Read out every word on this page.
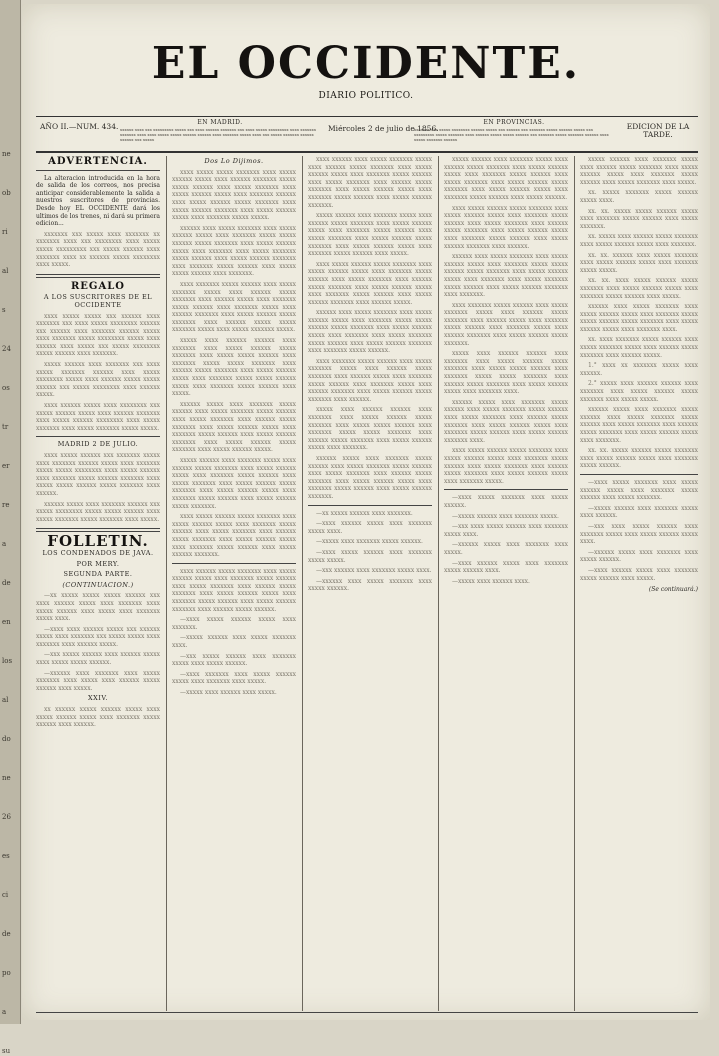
ne
ob
ri
al
s
24
os
tr
er
re
a
de
en
los
al
do
ne
26
es
ci
de
po
a
su
EL OCCIDENTE.
DIARIO POLITICO.
AÑO II.—NUM. 434.	EN MADRID.
xxxxxx xxxx xxx xxxxxxxxx xxxxx xxx xxxx xxxxxx xxxxxxx xxx xxxx xxxxx xxxxxxxxx xxxx xxxxxxx xxxxxxx xxxx xxxx xxxxx xxxxx xxxxxx xxxxxx xxxx xxxxxxx xxxxx xxxx xxx xxxxx xxxxxxx xxxxxx xxxxxx xxx xxxxx
Miércoles 2 de julio de 1856.
EN PROVINCIAS.
xxxxxxx xxx xxxxx xxxxxxxx xxxxxx xxxxx xxx xxxxxx xxx xxxxxxx xxxxx xxxxxx xxxxx xxx xxxxxxxxx xxxxx xxxxxxx xxxx xxxxxx xxxxx xxxxx xxxxxx xxx xxxxxxx xxxxx xxxxxxx xxxxxx xxxx xxxxx xxxxxxx xxxxxx
EDICION DE LA TARDE.
ADVERTENCIA.

La alteracion introducida en la hora de salida de los correos, nos precisa anticipar considerablemente la salida a nuestros suscritores de provincias. Desde hoy EL OCCIDENTE dará los ultimos de los trenes, ni dará su primera edicion...

xxxxxxx xxx xxxxx xxxx xxxxxxx xx xxxxxxx xxxx xxx xxxxxxxx xxxx xxxxx xxxxx xxxxxxxxx xxx xxxxx xxxxxx xxxx xxxxxxx xxxx xx xxxxxx xxxxx xxxxxxxx xxxx xxxxx.

REGALO
A LOS SUSCRITORES DE EL OCCIDENTE

xxxx xxxxx xxxxx xxx xxxxxx xxxx xxxxxxx xxx xxxx xxxxx xxxxxxxx xxxxxx xxx xxxxxx xxxx xxxxxxx xxxxxx xxxxx xxxx xxxxxxx xxxxx xxxxxxxx xxxxx xxxx xxxxxx xxxx xxxxx xxx xxxxx xxxxxxxx xxxxx xxxxxx xxxx xxxxxxx.

xxxxx xxxxxx xxxx xxxxxxx xxx xxxx xxxxx xxxxxxx xxxxxx xxxx xxxxx xxxxxxxx xxxxx xxxx xxxxxx xxxxx xxxxx xxxxxx xxx xxxxx xxxxxxxx xxxx xxxxxx xxxxx.

xxxx xxxxxx xxxxx xxxx xxxxxxxx xxx xxxxx xxxxxx xxxxx xxxx xxxxxx xxxxxxx xxxx xxxxx xxxxxx xxxxxxxx xxxx xxxxx xxxxxxx xxxx xxxxx xxxxxxx xxxxx xxxxx.

MADRID 2 DE JULIO.

xxxx xxxxx xxxxxx xxx xxxxxxx xxxxx xxxx xxxxxxx xxxxxx xxxxx xxxx xxxxxxx xxxxx xxxxx xxxxxxxx xxxx xxxxx xxxxxx xxxx xxxxxxx xxxxx xxxxxx xxxxxxx xxxx xxxxx xxxxx xxxxxx xxxxx xxxxxxx xxxx xxxxxx.

xxxxxx xxxxx xxxx xxxxxxx xxxxxx xxx xxxxx xxxxxxxx xxxxx xxxxx xxxxxx xxxx xxxxx xxxxxxx xxxxx xxxxxxx xxxx xxxxx.

FOLLETIN.
LOS CONDENADOS DE JAVA.
POR MERY.
SEGUNDA PARTE.
(CONTINUACION.)

—xx xxxxx xxxxx xxxxx xxxxxx xxx xxxx xxxxxx xxxxx xxxx xxxxxxx xxxx xxxxx xxxxxx xxxx xxxxx xxxx xxxxxxx xxxxx xxxx.

—xxxx xxxx xxxxxx xxxxx xxx xxxxxx xxxxx xxxx xxxxxxx xxx xxxxx xxxxx xxxx xxxxxxx xxxx xxxxxx xxxxx.

—xxx xxxxx xxxxxx xxxx xxxxxx xxxxx xxxx xxxxx xxxxx xxxxxx.

—xxxxxx xxxx xxxxxxx xxxx xxxxx xxxxxxx xxxx xxxxx xxxx xxxxxx xxxxx xxxxxx xxxx xxxxx.

XXIV.

xx xxxxxx xxxxx xxxxxx xxxxx xxxx xxxxx xxxxxx xxxxx xxxx xxxxxxx xxxxx xxxxxx xxxx xxxxxx.

Dos Lo Dijimos.

xxxx xxxxx xxxxx xxxxxxx xxxx xxxxx xxxxxx xxxxx xxxx xxxxxx xxxxxxx xxxxx xxxxx xxxxxx xxxx xxxxx xxxxxxx xxxx xxxxx xxxxxx xxxxx xxxx xxxxxxx xxxxxx xxxx xxxxx xxxxxx xxxxx xxxxxxx xxxx xxxxx xxxxxx xxxxxxx xxxx xxxxx xxxxxx xxxxx xxxx xxxxxxx xxxxx xxxxx.

xxxxxx xxxx xxxxx xxxxxxx xxxx xxxxx xxxxxx xxxxx xxxx xxxxxxx xxxxx xxxxx xxxxxx xxxxx xxxxxxx xxxx xxxxx xxxxxx xxxxx xxxx xxxxxxx xxxx xxxxx xxxxxxx xxxxx xxxxxx xxxx xxxxx xxxxxx xxxxxxx xxxx xxxxxxx xxxxx xxxxxx xxxx xxxxx xxxxx xxxxxx xxxx xxxxxxx.

xxxx xxxxxxx xxxxx xxxxxx xxxx xxxxx xxxxxxx xxxxx xxxx xxxxxx xxxxx xxxxxxx xxxx xxxxxx xxxxx xxxx xxxxxxx xxxxx xxxxxx xxxx xxxxxxx xxxxx xxxx xxxxxx xxxxxxx xxxx xxxxx xxxxxx xxxxx xxxxxxx xxxx xxxxxx xxxxx xxxxx xxxxxxx xxxxx xxxx xxxxx xxxxxxx xxxxx.

xxxxx xxxx xxxxxx xxxxxx xxxx xxxxxxx xxxx xxxxx xxxxxx xxxxx xxxxxxx xxxx xxxxx xxxxx xxxxxx xxxx xxxxxxx xxxxx xxxxx xxxxxxx xxxx xxxxxx xxxxx xxxxxxx xxxx xxxxx xxxxxx xxxxx xxxx xxxxxxx xxxxx xxxxx xxxxxx xxxxx xxxx xxxxxxx xxxxx xxxxxx xxxx xxxxx.

xxxxxx xxxxx xxxx xxxxxxx xxxxx xxxxxx xxxx xxxxx xxxxxxx xxxxx xxxxxx xxxx xxxxx xxxxxxx xxxx xxxxxx xxxxx xxxxxxx xxxx xxxxx xxxxxx xxxxx xxxx xxxxxxx xxxxx xxxxxx xxxx xxxxx xxxxxx xxxxxxx xxxx xxxxx xxxxxx xxxxx xxxxxxx xxxx xxxxx xxxxxx xxxxx.

xxxxx xxxxxx xxxx xxxxxxx xxxxx xxxx xxxxxx xxxxx xxxxxxx xxxx xxxxx xxxxxx xxxxx xxxx xxxxxxx xxxxx xxxxxx xxxx xxxxx xxxxxxx xxxx xxxxx xxxxxx xxxxx xxxxxxx xxxx xxxxx xxxxxx xxxxx xxxx xxxxxxx xxxxx xxxxxx xxxx xxxxx xxxxxx xxxxx xxxxxxx.

xxxx xxxxx xxxxxx xxxxx xxxxxxx xxxx xxxxx xxxxxx xxxxx xxxx xxxxxxx xxxxx xxxxxx xxxx xxxxx xxxxxxx xxxx xxxxxx xxxxx xxxxxxx xxxx xxxxx xxxxxx xxxxx xxxx xxxxxxx xxxxx xxxxxx xxxx xxxxx xxxxxx xxxxxxx.

xxxx xxxxxx xxxxx xxxxxxx xxxx xxxxx xxxxxx xxxxx xxxx xxxxxxx xxxxx xxxxxx xxxx xxxxx xxxxxxx xxxx xxxxxx xxxxx xxxxxxx xxxx xxxxx xxxxxx xxxxx xxxx xxxxxxx xxxxx xxxxxx xxxx xxxxx xxxxxx xxxxxxx xxxx xxxxxx xxxxx xxxxxx.

—xxxx xxxxx xxxxxx xxxxx xxxx xxxxxxx.

—xxxxx xxxxxx xxxx xxxxx xxxxxxx xxxx.

—xxx xxxxx xxxxxx xxxx xxxxxxx xxxxx xxxx xxxxx xxxxxx.

—xxxx xxxxxxx xxxx xxxxx xxxxxx xxxxx xxxx xxxxxxx xxxx xxxxx.

—xxxxx xxxx xxxxxx xxxx xxxxx.

xxxx xxxxxx xxxx xxxxx xxxxxxx xxxxx xxxx xxxxxx xxxxx xxxxxxx xxxx xxxxx xxxxxx xxxxx xxxx xxxxxxx xxxxx xxxxxx xxxx xxxxx xxxxxxx xxxx xxxxxx xxxxx xxxxxxx xxxx xxxxx xxxxxx xxxxx xxxx xxxxxxx xxxxx xxxxxx xxxx xxxxx xxxxxx xxxxxxx.

xxxxx xxxxxx xxxx xxxxxxx xxxxx xxxx xxxxxx xxxxx xxxxxxx xxxx xxxxx xxxxxx xxxxx xxxx xxxxxxx xxxxx xxxxxx xxxx xxxxx xxxxxxx xxxx xxxxx xxxxxx xxxxx xxxxxxx xxxx xxxxx xxxxxx xxxxx xxxx xxxxxxx xxxxx xxxxxx xxxx xxxxx.

xxxx xxxxx xxxxxx xxxxx xxxxxxx xxxx xxxxx xxxxxx xxxxx xxxx xxxxxxx xxxxx xxxxxx xxxx xxxxx xxxxxxx xxxx xxxxxx xxxxx xxxxxxx xxxx xxxxx xxxxxx xxxxx xxxx xxxxxxx xxxxx xxxxxx xxxx xxxxx xxxxxx xxxxxxx xxxx xxxxxx xxxxx.

xxxxxx xxxx xxxxx xxxxxxx xxxx xxxxx xxxxxx xxxxx xxxx xxxxxxx xxxxx xxxxx xxxxxx xxxxx xxxxxxx xxxx xxxxx xxxxxx xxxxx xxxx xxxxxxx xxxx xxxxx xxxxxxx xxxxx xxxxxx xxxx xxxxx xxxxxx xxxxxxx xxxx xxxxxxx xxxxx xxxxxx.

xxxx xxxxxxx xxxxx xxxxxx xxxx xxxxx xxxxxxx xxxxx xxxx xxxxxx xxxxx xxxxxxx xxxx xxxxxx xxxxx xxxx xxxxxxx xxxxx xxxxxx xxxx xxxxxxx xxxxx xxxx xxxxxx xxxxxxx xxxx xxxxx xxxxxx xxxxx xxxxxxx xxxx xxxxxx.

xxxxx xxxx xxxxxx xxxxxx xxxx xxxxxxx xxxx xxxxx xxxxxx xxxxx xxxxxxx xxxx xxxxx xxxxx xxxxxx xxxx xxxxxxx xxxxx xxxxx xxxxxxx xxxx xxxxxx xxxxx xxxxxxx xxxx xxxxx xxxxxx xxxxx xxxx xxxxxxx.

xxxxxx xxxxx xxxx xxxxxxx xxxxx xxxxxx xxxx xxxxx xxxxxxx xxxxx xxxxxx xxxx xxxxx xxxxxxx xxxx xxxxxx xxxxx xxxxxxx xxxx xxxxx xxxxxx xxxxx xxxx xxxxxxx xxxxx xxxxxx xxxx xxxxx xxxxxx xxxxxxx.

—xx xxxxx xxxxxx xxxx xxxxxxx.

—xxxx xxxxxx xxxxx xxxx xxxxxxx xxxxx xxxx.

—xxxxx xxxx xxxxxxx xxxxx xxxxxx.

—xxxx xxxxx xxxxxx xxxx xxxxxxx xxxxx xxxxx.

—xxx xxxxxx xxxx xxxxxxx xxxxx xxxx.

—xxxxxx xxxx xxxxx xxxxxxx xxxx xxxxx xxxxxx.

xxxxx xxxxxx xxxx xxxxxxx xxxxx xxxx xxxxxx xxxxx xxxxxxx xxxx xxxxx xxxxxx xxxxx xxxx xxxxxxx xxxxx xxxxxx xxxx xxxxx xxxxxxx xxxx xxxxx xxxxxx xxxxx xxxxxxx xxxx xxxxx xxxxxx xxxxx xxxx xxxxxxx xxxxx xxxxxx xxxx xxxxx xxxxxx.

xxxx xxxxx xxxxxx xxxxx xxxxxxx xxxx xxxxx xxxxxx xxxxx xxxx xxxxxxx xxxxx xxxxxx xxxx xxxxx xxxxxxx xxxx xxxxxx xxxxx xxxxxxx xxxx xxxxx xxxxxx xxxxx xxxx xxxxxxx xxxxx xxxxxx xxxx xxxxx xxxxxx xxxxxxx xxxx xxxxxx.

xxxxxx xxxx xxxxx xxxxxxx xxxx xxxxx xxxxxx xxxxx xxxx xxxxxxx xxxxx xxxxx xxxxxx xxxxx xxxxxxx xxxx xxxxx xxxxxx xxxxx xxxx xxxxxxx xxxx xxxxx xxxxxxx xxxxx xxxxxx xxxx xxxxx xxxxxx xxxxxxx xxxx xxxxxxx.

xxxx xxxxxxx xxxxx xxxxxx xxxx xxxxx xxxxxxx xxxxx xxxx xxxxxx xxxxx xxxxxxx xxxx xxxxxx xxxxx xxxx xxxxxxx xxxxx xxxxxx xxxx xxxxxxx xxxxx xxxx xxxxxx xxxxxxx xxxx xxxxx xxxxxx xxxxx xxxxxxx.

xxxxx xxxx xxxxxx xxxxxx xxxx xxxxxxx xxxx xxxxx xxxxxx xxxxx xxxxxxx xxxx xxxxx xxxxx xxxxxx xxxx xxxxxxx xxxxx xxxxx xxxxxxx xxxx xxxxxx xxxxx xxxxxxx xxxx xxxxx xxxxxx xxxxx xxxx xxxxxxx xxxx.

xxxxxx xxxxx xxxx xxxxxxx xxxxx xxxxxx xxxx xxxxx xxxxxxx xxxxx xxxxxx xxxx xxxxx xxxxxxx xxxx xxxxxx xxxxx xxxxxxx xxxx xxxxx xxxxxx xxxxx xxxx xxxxxxx xxxxx xxxxxx xxxx xxxxx xxxxxx xxxxxxx xxxx.

xxxx xxxxx xxxxxx xxxxx xxxxxxx xxxx xxxxx xxxxxx xxxxx xxxx xxxxxxx xxxxx xxxxxx xxxx xxxxx xxxxxxx xxxx xxxxxx xxxxx xxxxxxx xxxx xxxxx xxxxxx xxxxx xxxx xxxxxxx xxxxx.

—xxxx xxxxx xxxxxxx xxxx xxxxx xxxxxx.

—xxxxx xxxxxx xxxx xxxxxxx xxxxx.

—xxx xxxx xxxxx xxxxxx xxxx xxxxxxx xxxxx xxxx.

—xxxxxx xxxxx xxxx xxxxxxx xxxx xxxxx.

—xxxx xxxxxx xxxxx xxxx xxxxxxx xxxxx xxxxxx xxxx.

—xxxxx xxxx xxxxxx xxxx.

xxxxx xxxxxx xxxx xxxxxxx xxxxx xxxx xxxxxx xxxxx xxxxxxx xxxx xxxxx xxxxxx xxxxx xxxx xxxxxxx xxxxx xxxxxx xxxx xxxxx xxxxxxx xxxx xxxxx.

xx. xxxxx xxxxxxx xxxxx xxxxxx xxxxx xxxx.

xx. xx. xxxxx xxxxx xxxxxx xxxxx xxxx xxxxxxx xxxxx xxxxxx xxxx xxxxx xxxxxxx.

xx. xxxxx xxxx xxxxxx xxxxx xxxxxxx xxxx xxxxx xxxxxx xxxxx xxxx xxxxxxx.

xx. xx. xxxxxx xxxx xxxxx xxxxxxx xxxx xxxxx xxxxxx xxxxx xxxx xxxxxxx xxxxx xxxxx.

xx. xx. xxxx xxxxx xxxxxx xxxxx xxxxxxx xxxx xxxxx xxxxxx xxxxx xxxx xxxxxxx xxxxx xxxxxx xxxx xxxxx.

xxxxxx xxxx xxxxx xxxxxxx xxxx xxxxx xxxxxx xxxxx xxxx xxxxxxx xxxxx xxxxx xxxxxx xxxxx xxxxxxx xxxx xxxxx xxxxxx xxxxx xxxx xxxxxxx xxxx.

xx. xxxx xxxxxxx xxxxx xxxxxx xxxx xxxxx xxxxxxx xxxxx xxxx xxxxxx xxxxx xxxxxxx xxxx xxxxxx xxxxx.

1.° xxxx xx xxxxxxx xxxxx xxxx xxxxxx.

2.° xxxxx xxxx xxxxxx xxxxxx xxxx xxxxxxx xxxx xxxxx xxxxxx xxxxx xxxxxxx xxxx xxxxx xxxxx.

xxxxxx xxxxx xxxx xxxxxxx xxxxx xxxxxx xxxx xxxxx xxxxxxx xxxxx xxxxxx xxxx xxxxx xxxxxxx xxxx xxxxxx xxxxx xxxxxxx xxxx xxxxx xxxxxx xxxxx xxxx xxxxxxx.

xx. xx. xxxxx xxxxxx xxxxx xxxxxxx xxxx xxxxx xxxxxx xxxxx xxxx xxxxxxx xxxxx xxxxxx.

—xxxx xxxxx xxxxxxx xxxx xxxxx xxxxxx xxxxx xxxx xxxxxxx xxxxx xxxxxx xxxx xxxxx xxxxxxx.

—xxxxx xxxxxx xxxx xxxxxxx xxxxx xxxx xxxxxx.

—xxx xxxx xxxxx xxxxxx xxxx xxxxxxx xxxxx xxxx xxxxx xxxxxx xxxxx xxxx.

—xxxxxx xxxxx xxxx xxxxxxx xxxx xxxxx xxxxxx.

—xxxx xxxxxx xxxxx xxxx xxxxxxx xxxxx xxxxxx xxxx xxxxx.

(Se continuará.)
